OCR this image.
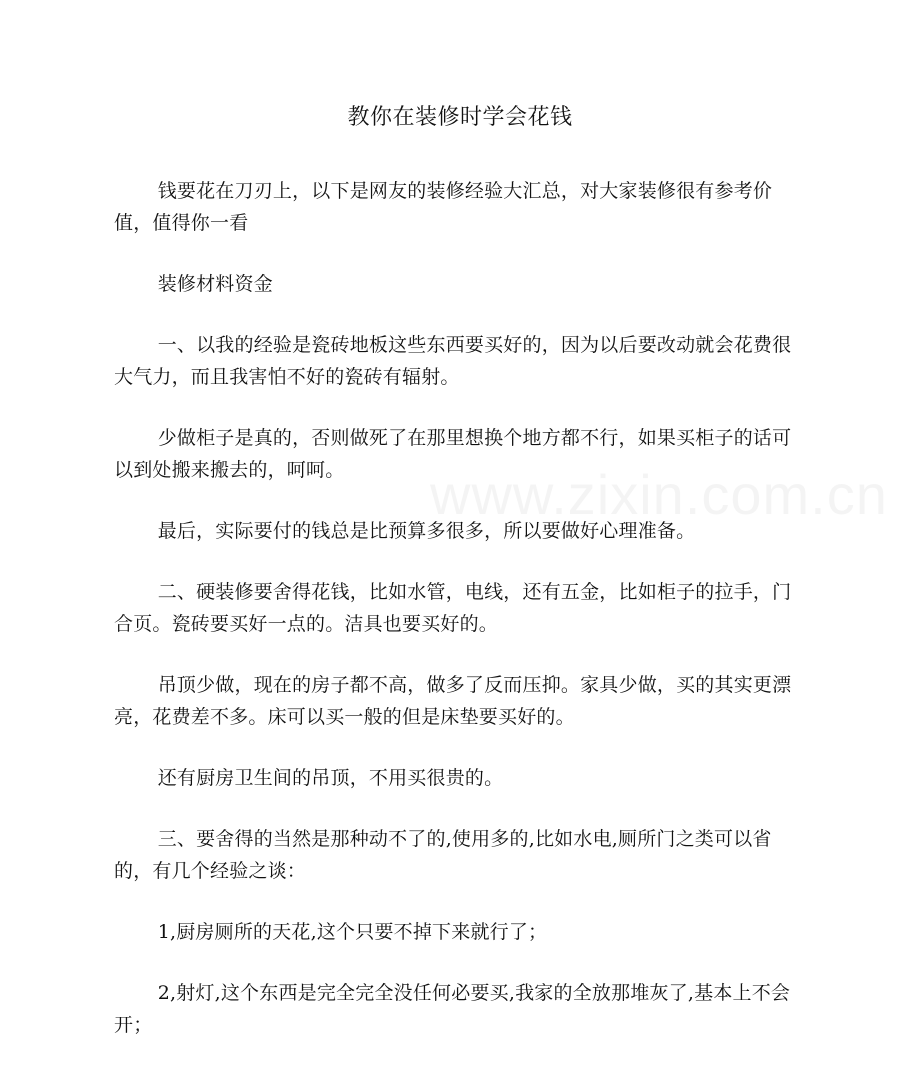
教你在装修时学会花钱

钱要花在刀刃上，以下是网友的装修经验大汇总，对大家装修很有参考价值，值得你一看

装修材料资金

一、以我的经验是瓷砖地板这些东西要买好的，因为以后要改动就会花费很大气力，而且我害怕不好的瓷砖有辐射。

少做柜子是真的，否则做死了在那里想换个地方都不行，如果买柜子的话可以到处搬来搬去的，呵呵。

最后，实际要付的钱总是比预算多很多，所以要做好心理准备。

二、硬装修要舍得花钱，比如水管，电线，还有五金，比如柜子的拉手，门合页。瓷砖要买好一点的。洁具也要买好的。

吊顶少做，现在的房子都不高，做多了反而压抑。家具少做，买的其实更漂亮，花费差不多。床可以买一般的但是床垫要买好的。

还有厨房卫生间的吊顶，不用买很贵的。

三、要舍得的当然是那种动不了的,使用多的,比如水电,厕所门之类可以省的，有几个经验之谈：

1,厨房厕所的天花,这个只要不掉下来就行了；

2,射灯,这个东西是完全完全没任何必要买,我家的全放那堆灰了,基本上不会开；
